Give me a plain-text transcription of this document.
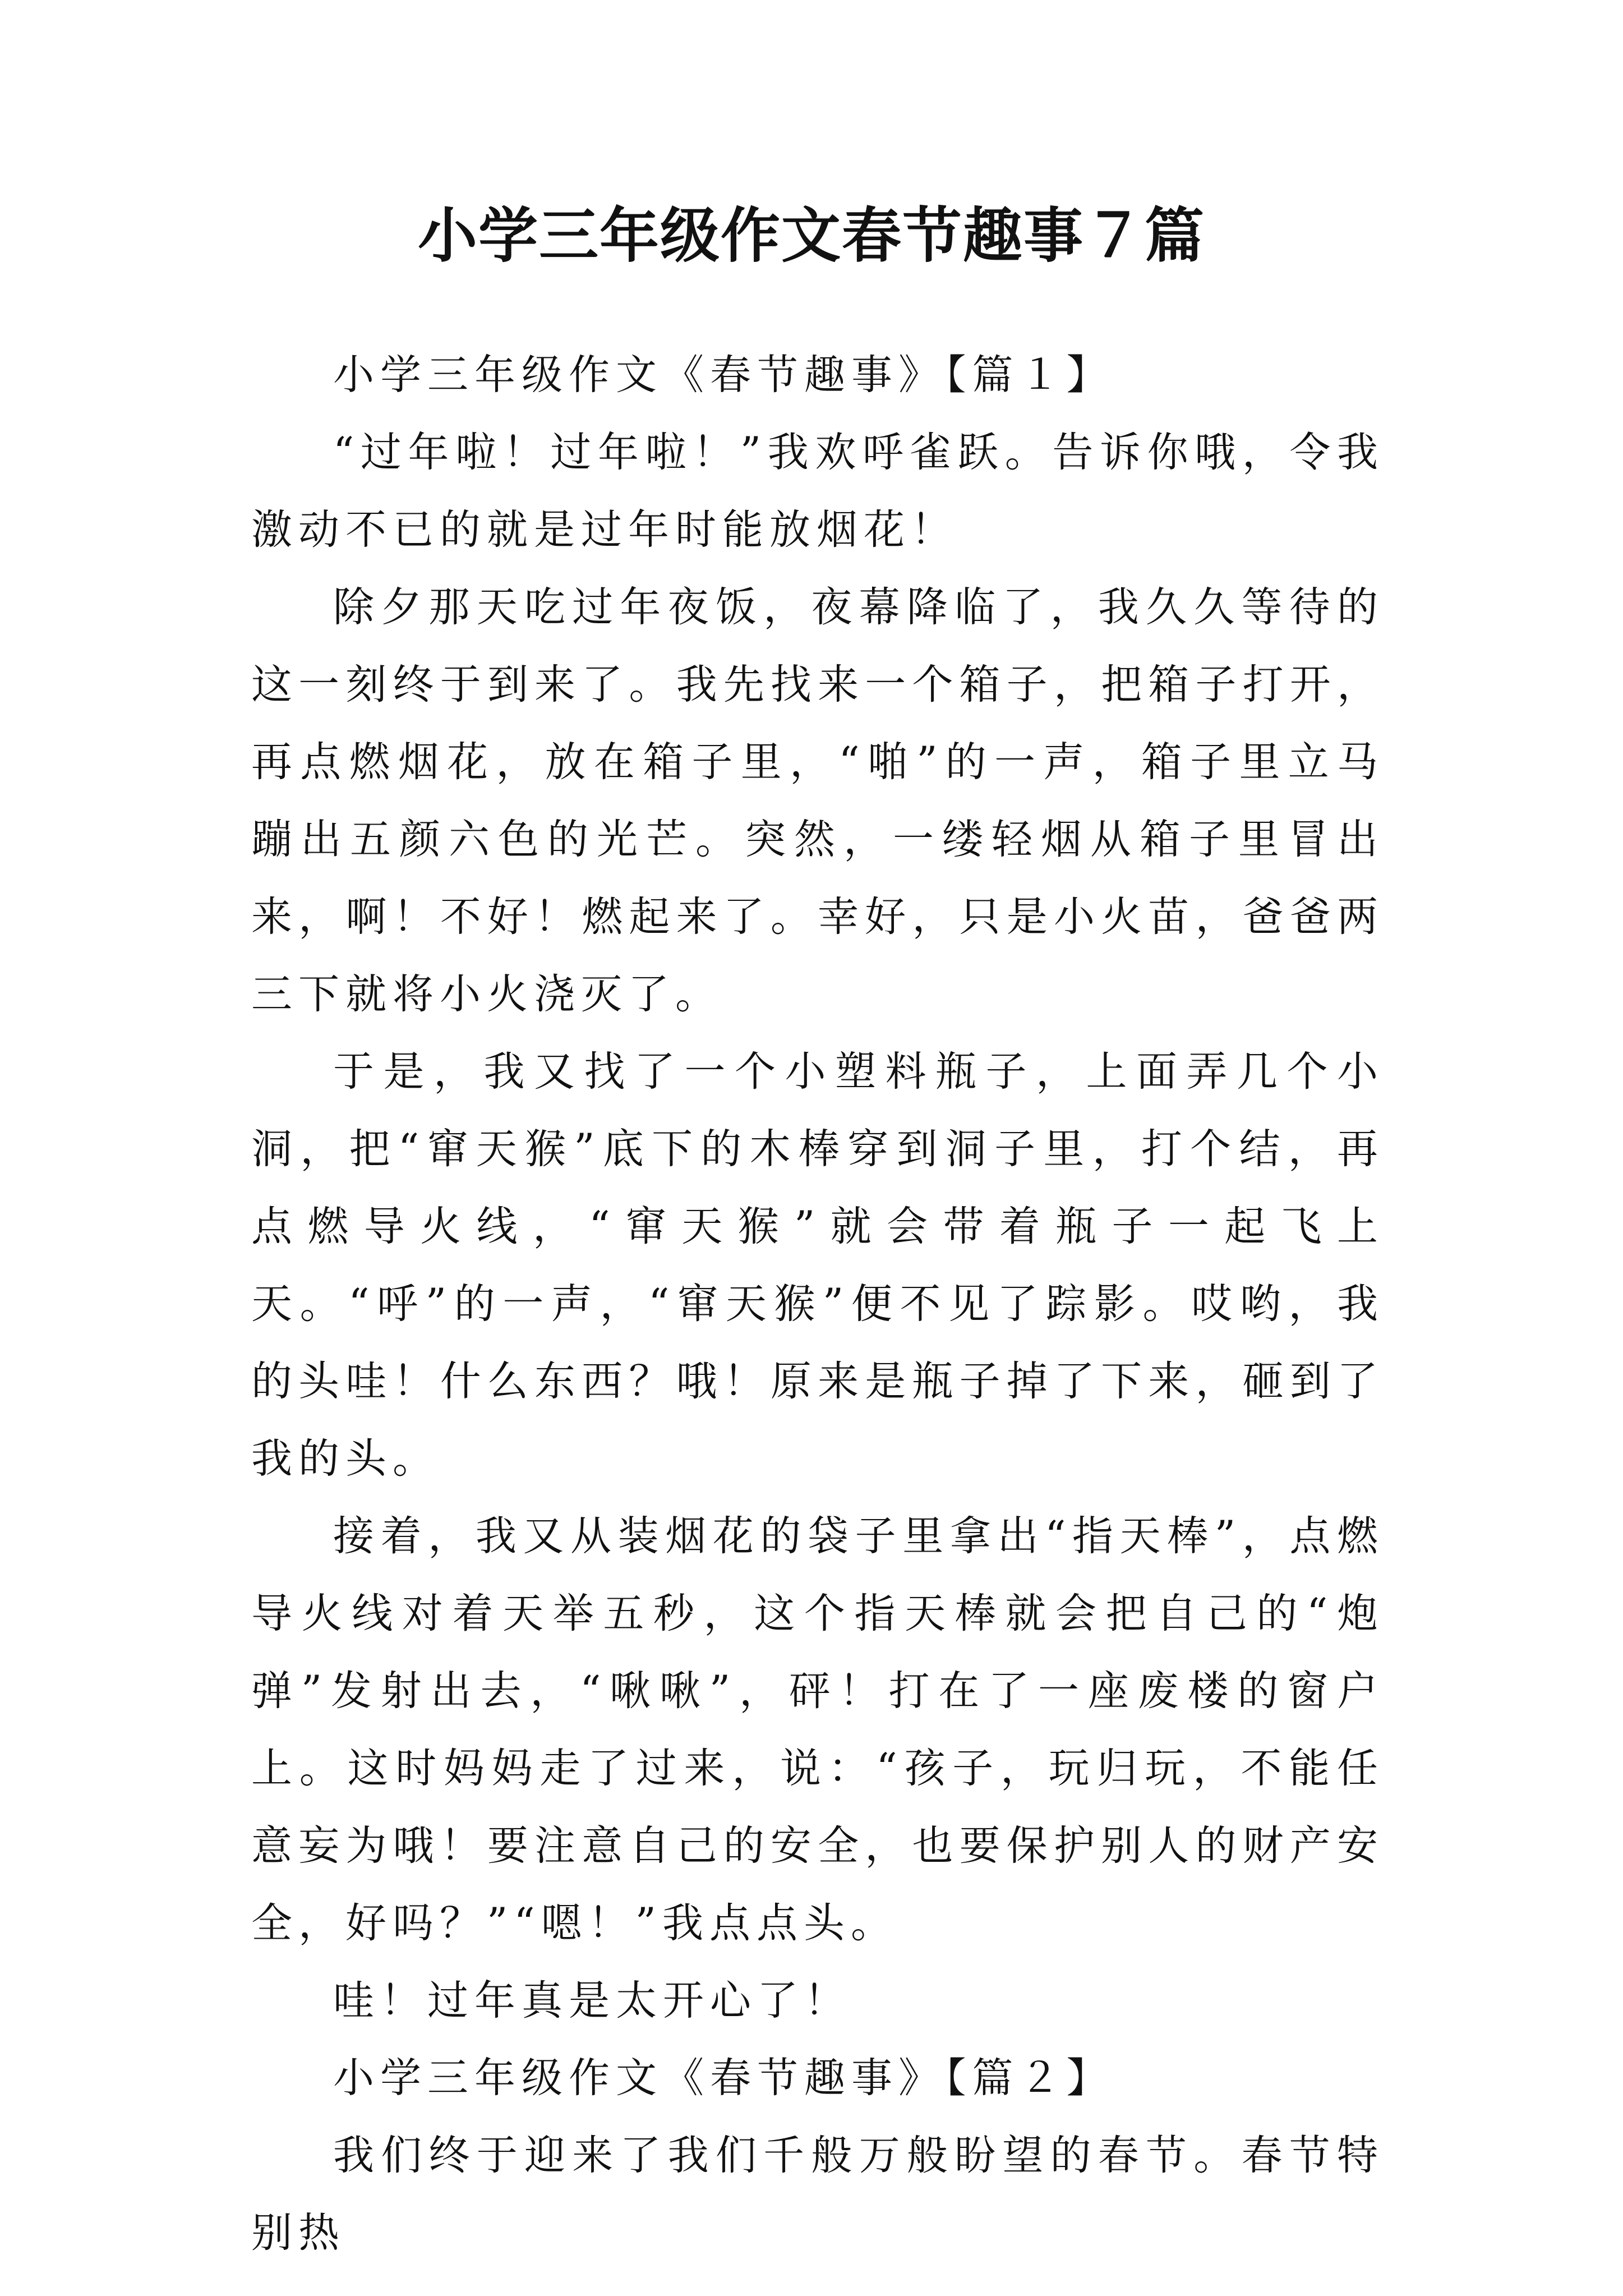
小学三年级作文春节趣事７篇

小学三年级作文《春节趣事》【篇１】

“过年啦！过年啦！”我欢呼雀跃。告诉你哦，令我激动不已的就是过年时能放烟花！

除夕那天吃过年夜饭，夜幕降临了，我久久等待的这一刻终于到来了。我先找来一个箱子，把箱子打开，再点燃烟花，放在箱子里，“啪”的一声，箱子里立马蹦出五颜六色的光芒。突然，一缕轻烟从箱子里冒出来，啊！不好！燃起来了。幸好，只是小火苗，爸爸两三下就将小火浇灭了。

于是，我又找了一个小塑料瓶子，上面弄几个小洞，把“窜天猴”底下的木棒穿到洞子里，打个结，再点燃导火线，“窜天猴”就会带着瓶子一起飞上天。“呼”的一声，“窜天猴”便不见了踪影。哎哟，我的头哇！什么东西？哦！原来是瓶子掉了下来，砸到了我的头。

接着，我又从装烟花的袋子里拿出“指天棒”，点燃导火线对着天举五秒，这个指天棒就会把自己的“炮弹”发射出去，“啾啾”，砰！打在了一座废楼的窗户上。这时妈妈走了过来，说：“孩子，玩归玩，不能任意妄为哦！要注意自己的安全，也要保护别人的财产安全，好吗？”“嗯！”我点点头。

哇！过年真是太开心了！

小学三年级作文《春节趣事》【篇２】

我们终于迎来了我们千般万般盼望的春节。春节特别热
